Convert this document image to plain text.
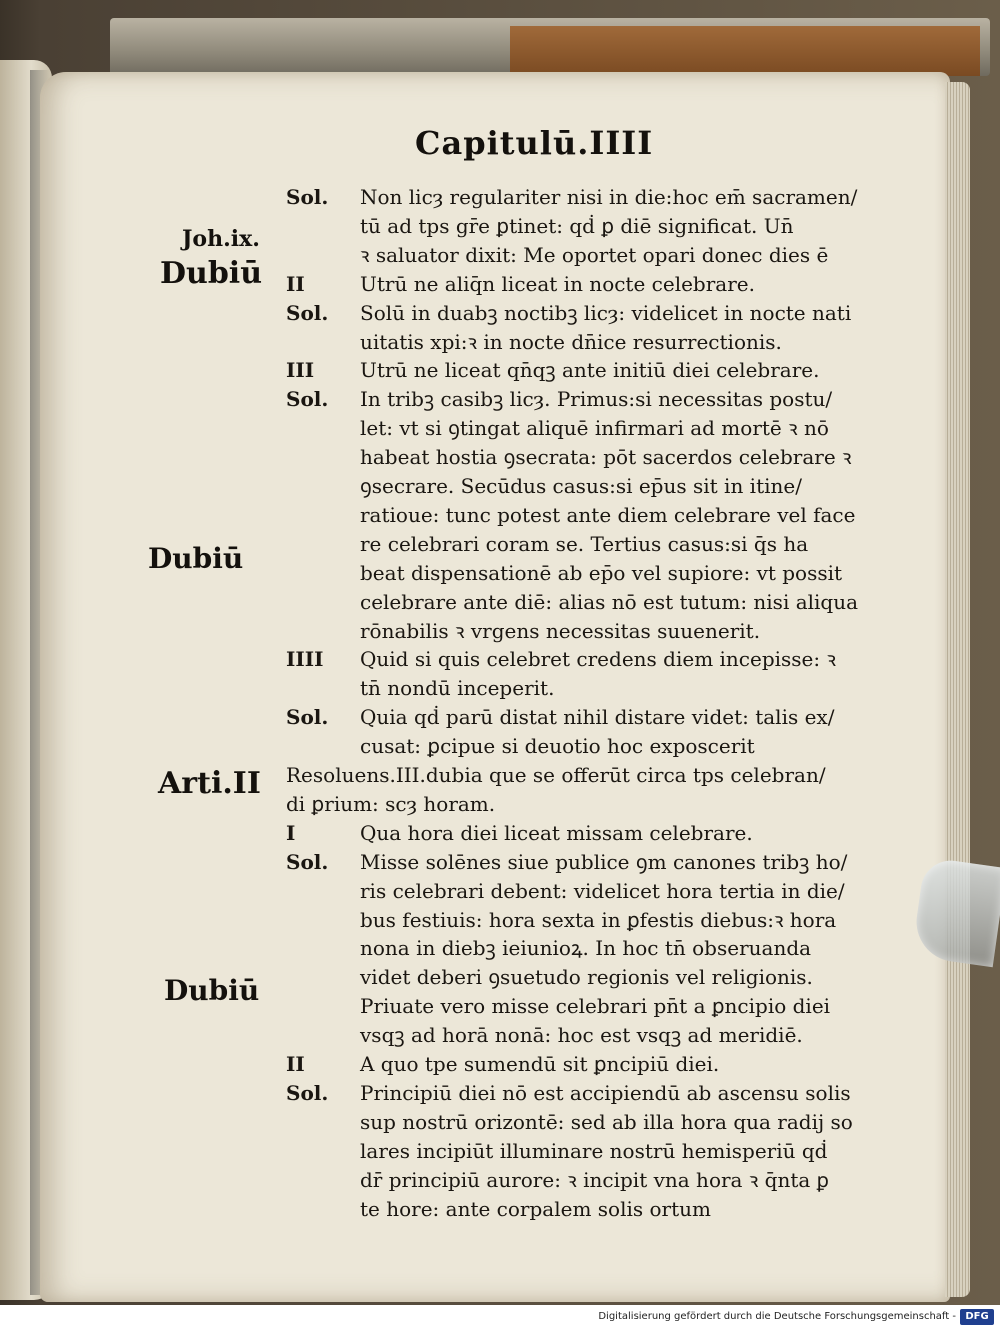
Capitulū.IIII
Joh.ix.
Dubiū
Dubiū
Arti.II
Dubiū
Sol. Non licȝ regulariter nisi in die:hoc em̄ sacramen/
tū ad tps gr̄e ꝑtinet: qḋ ꝑ diē significat. Un̄
ꝛ saluator dixit: Me oportet opari donec dies ē
II	Utrū ne aliq̄n liceat in nocte celebrare.
Sol. Solū in duabꝫ noctibꝫ licȝ: videlicet in nocte nati
uitatis xpi:ꝛ in nocte dn̄ice resurrectionis.
III Utrū ne liceat qn̄qꝫ ante initiū diei celebrare.
Sol. In tribꝫ casibꝫ licȝ. Primus:si necessitas postu/
let: vt si ꝯtingat aliquē infirmari ad mortē ꝛ nō
habeat hostia ꝯsecrata: pōt sacerdos celebrare ꝛ
ꝯsecrare. Secūdus casus:si ep̄us sit in itine/
ratioue: tunc potest ante diem celebrare vel face
re celebrari coram se. Tertius casus:si q̄s ha
beat dispensationē ab ep̄o vel supiore: vt possit
celebrare ante diē: alias nō est tutum: nisi aliqua
rōnabilis ꝛ vrgens necessitas suuenerit.
IIII Quid si quis celebret credens diem incepisse: ꝛ
tn̄ nondū inceperit.
Sol. Quia qḋ parū distat nihil distare videt: talis ex/
cusat: ꝑcipue si deuotio hoc exposcerit
Resoluens.III.dubia que se offerūt circa tps celebran/
di ꝑrium: scȝ horam.
I	Qua hora diei liceat missam celebrare.
Sol. Misse solēnes siue publice ꝯm canones tribꝫ ho/
ris celebrari debent: videlicet hora tertia in die/
bus festiuis: hora sexta in ꝑfestis diebus:ꝛ hora
nona in diebꝫ ieiunioꝝ. In hoc tn̄ obseruanda
videt deberi ꝯsuetudo regionis vel religionis.
Priuate vero misse celebrari pn̄t a ꝑncipio diei
vsqꝫ ad horā nonā: hoc est vsqꝫ ad meridiē.
II	A quo tpe sumendū sit ꝑncipiū diei.
Sol. Principiū diei nō est accipiendū ab ascensu solis
sup nostrū orizontē: sed ab illa hora qua radij so
lares incipiūt illuminare nostrū hemisperiū qḋ
dr̄ principiū aurore: ꝛ incipit vna hora ꝛ q̄nta ꝑ
te hore: ante corpalem solis ortum
Digitalisierung gefördert durch die Deutsche Forschungsgemeinschaft - DFG
